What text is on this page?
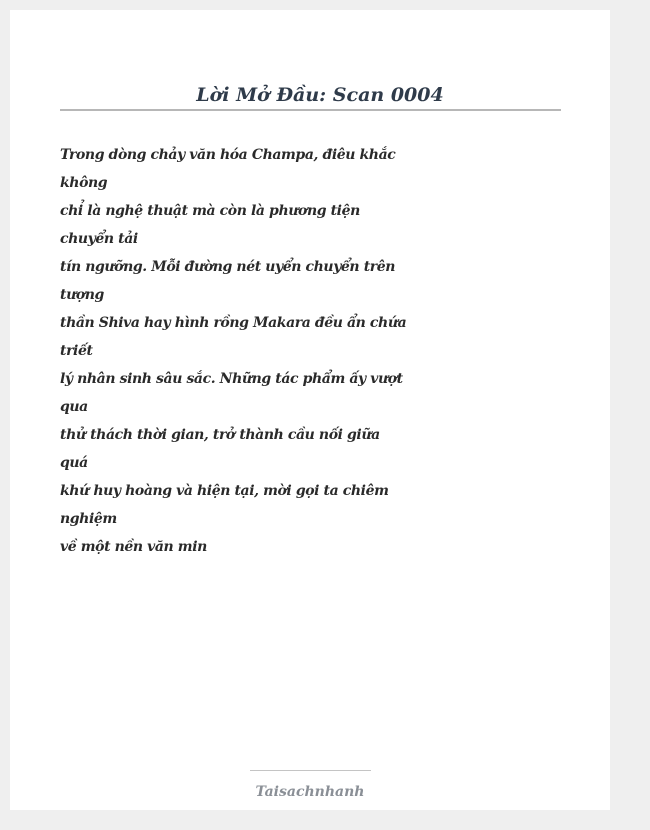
Lời Mở Đầu: Scan 0004
Trong dòng chảy văn hóa Champa, điêu khắc
không
chỉ là nghệ thuật mà còn là phương tiện
chuyển tải
tín ngưỡng. Mỗi đường nét uyển chuyển trên
tượng
thần Shiva hay hình rồng Makara đều ẩn chứa
triết
lý nhân sinh sâu sắc. Những tác phẩm ấy vượt
qua
thử thách thời gian, trở thành cầu nối giữa
quá
khứ huy hoàng và hiện tại, mời gọi ta chiêm
nghiệm
về một nền văn min
Taisachnhanh
